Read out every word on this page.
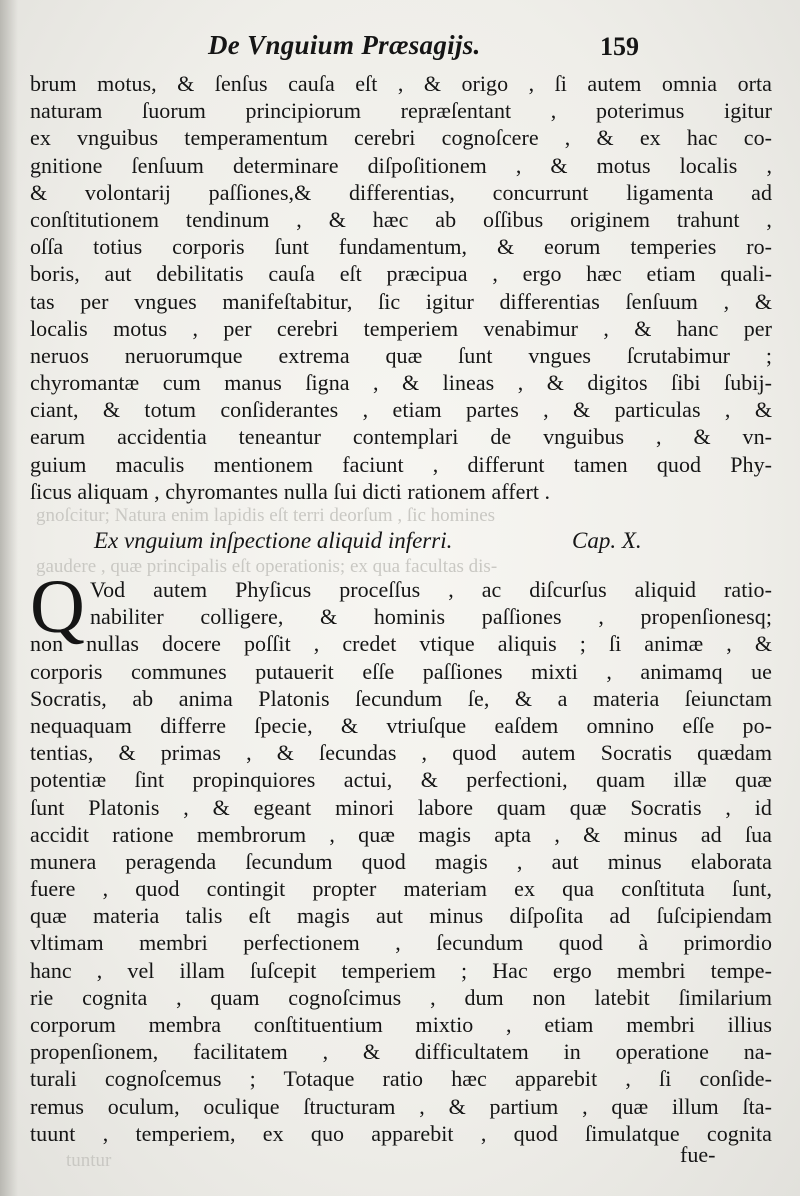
gnoſcitur; Natura enim lapidis eſt terri deorſum , ſic homines
gaudere , quæ principalis eſt operationis; ex qua facultas dis-
tuntur
De Vnguium Præsagijs.	159
brum motus, & ſenſus cauſa eſt , & origo , ſi autem omnia orta
naturam ſuorum principiorum repræſentant , poterimus igitur
ex vnguibus temperamentum cerebri cognoſcere , & ex hac co-
gnitione ſenſuum determinare diſpoſitionem , & motus localis ,
& volontarij paſſiones,& differentias, concurrunt ligamenta ad
conſtitutionem tendinum , & hæc ab oſſibus originem trahunt ,
oſſa totius corporis ſunt fundamentum, & eorum temperies ro-
boris, aut debilitatis cauſa eſt præcipua , ergo hæc etiam quali-
tas per vngues manifeſtabitur, ſic igitur differentias ſenſuum , &
localis motus , per cerebri temperiem venabimur , & hanc per
neruos neruorumque extrema quæ ſunt vngues ſcrutabimur ;
chyromantæ cum manus ſigna , & lineas , & digitos ſibi ſubij-
ciant, & totum conſiderantes , etiam partes , & particulas , &
earum accidentia teneantur contemplari de vnguibus , & vn-
guium maculis mentionem faciunt , differunt tamen quod Phy-
ſicus aliquam , chyromantes nulla ſui dicti rationem affert .
Ex vnguium inſpectione aliquid inferri.	Cap. X.
Q Vod autem Phyſicus proceſſus , ac diſcurſus aliquid ratio-
nabiliter colligere, & hominis paſſiones , propenſionesq;
non nullas docere poſſit , credet vtique aliquis ; ſi animæ , &
corporis communes putauerit eſſe paſſiones mixti , animamq ue
Socratis, ab anima Platonis ſecundum ſe, & a materia ſeiunctam
nequaquam differre ſpecie, & vtriuſque eaſdem omnino eſſe po-
tentias, & primas , & ſecundas , quod autem Socratis quædam
potentiæ ſint propinquiores actui, & perfectioni, quam illæ quæ
ſunt Platonis , & egeant minori labore quam quæ Socratis , id
accidit ratione membrorum , quæ magis apta , & minus ad ſua
munera peragenda ſecundum quod magis , aut minus elaborata
fuere , quod contingit propter materiam ex qua conſtituta ſunt,
quæ materia talis eſt magis aut minus diſpoſita ad ſuſcipiendam
vltimam membri perfectionem , ſecundum quod à primordio
hanc , vel illam ſuſcepit temperiem ; Hac ergo membri tempe-
rie cognita , quam cognoſcimus , dum non latebit ſimilarium
corporum membra conſtituentium mixtio , etiam membri illius
propenſionem, facilitatem , & difficultatem in operatione na-
turali cognoſcemus ; Totaque ratio hæc apparebit , ſi conſide-
remus oculum, oculique ſtructuram , & partium , quæ illum ſta-
tuunt , temperiem, ex quo apparebit , quod ſimulatque cognita
fue-
